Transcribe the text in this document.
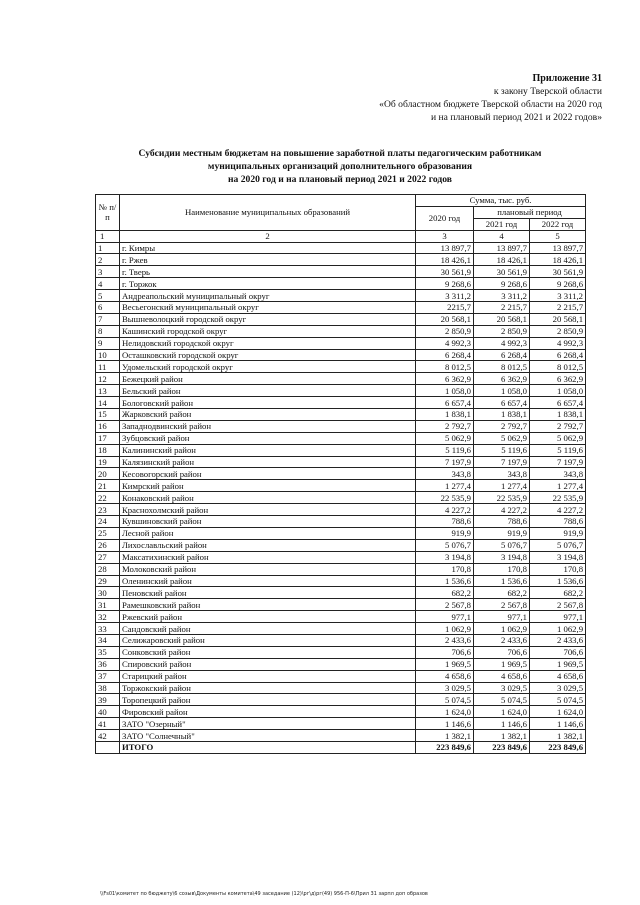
Приложение 31
к закону Тверской области
«Об областном бюджете Тверской области на 2020 год
и на плановый период 2021 и 2022 годов»
Субсидии местным бюджетам на повышение заработной платы педагогическим работникам
муниципальных организаций дополнительного образования
на 2020 год и на плановый период 2021 и 2022 годов
№ п/п	Наименование муниципальных образований	Сумма, тыс. руб.		
		2020 год	плановый период	
			2021 год	2022 год
1	2	3	4	5
1	г. Кимры	13 897,7	13 897,7	13 897,7
2	г. Ржев	18 426,1	18 426,1	18 426,1
3	г. Тверь	30 561,9	30 561,9	30 561,9
4	г. Торжок	9 268,6	9 268,6	9 268,6
5	Андреапольский муниципальный округ	3 311,2	3 311,2	3 311,2
6	Весьегонский муниципальный округ	2215,7	2 215,7	2 215,7
7	Вышневолоцкий городской округ	20 568,1	20 568,1	20 568,1
8	Кашинский городской округ	2 850,9	2 850,9	2 850,9
9	Нелидовский городской округ	4 992,3	4 992,3	4 992,3
10	Осташковский городской округ	6 268,4	6 268,4	6 268,4
11	Удомельский городской округ	8 012,5	8 012,5	8 012,5
12	Бежецкий район	6 362,9	6 362,9	6 362,9
13	Бельский район	1 058,0	1 058,0	1 058,0
14	Бологовский район	6 657,4	6 657,4	6 657,4
15	Жарковский район	1 838,1	1 838,1	1 838,1
16	Западнодвинский район	2 792,7	2 792,7	2 792,7
17	Зубцовский район	5 062,9	5 062,9	5 062,9
18	Калининский район	5 119,6	5 119,6	5 119,6
19	Калязинский район	7 197,9	7 197,9	7 197,9
20	Кесовогорский район	343,8	343,8	343,8
21	Кимрский район	1 277,4	1 277,4	1 277,4
22	Конаковский район	22 535,9	22 535,9	22 535,9
23	Краснохолмский район	4 227,2	4 227,2	4 227,2
24	Кувшиновский район	788,6	788,6	788,6
25	Лесной район	919,9	919,9	919,9
26	Лихославльский район	5 076,7	5 076,7	5 076,7
27	Максатихинский район	3 194,8	3 194,8	3 194,8
28	Молоковский район	170,8	170,8	170,8
29	Оленинский район	1 536,6	1 536,6	1 536,6
30	Пеновский район	682,2	682,2	682,2
31	Рамешковский район	2 567,8	2 567,8	2 567,8
32	Ржевский район	977,1	977,1	977,1
33	Сандовский район	1 062,9	1 062,9	1 062,9
34	Селижаровский район	2 433,6	2 433,6	2 433,6
35	Сонковский район	706,6	706,6	706,6
36	Спировский район	1 969,5	1 969,5	1 969,5
37	Старицкий район	4 658,6	4 658,6	4 658,6
38	Торжокский район	3 029,5	3 029,5	3 029,5
39	Торопецкий район	5 074,5	5 074,5	5 074,5
40	Фировский район	1 624,0	1 624,0	1 624,0
41	ЗАТО "Озерный"	1 146,6	1 146,6	1 146,6
42	ЗАТО "Солнечный"	1 382,1	1 382,1	1 382,1
	ИТОГО	223 849,6	223 849,6	223 849,6
\\Fs01\комитет по бюджету\6 созыв\Документы комитета\49 заседание (12)\рг\д\рг(49) 956-П-6\Прил 31 зарпл доп образов
